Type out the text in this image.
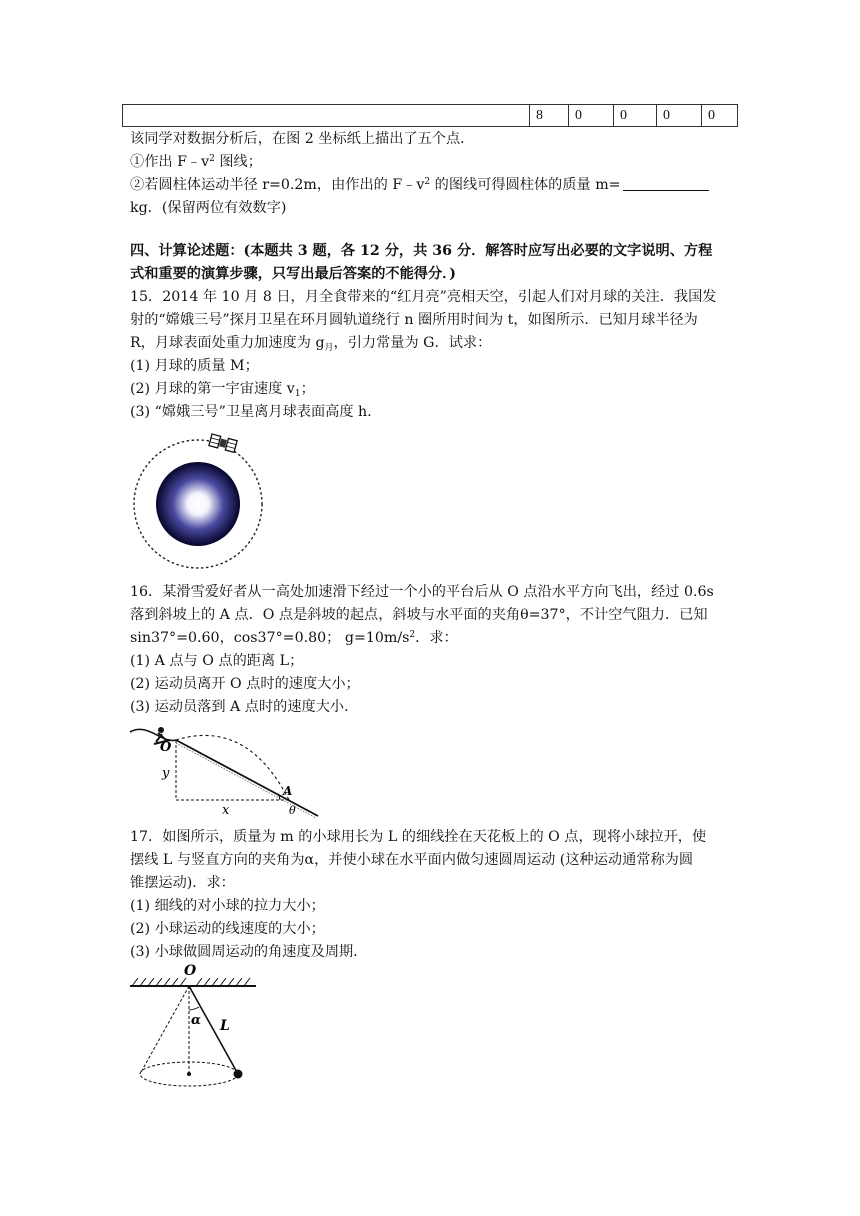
	8	0	0	0	0
该同学对数据分析后，在图 2 坐标纸上描出了五个点．
①作出 $F﹣v^2$ 图线；
②若圆柱体运动半径 r=0.2m，由作出的 $F﹣v^2$ 的图线可得圆柱体的质量 m=
kg．(保留两位有效数字)
四、计算论述题：(本题共 3 题，各 12 分，共 36 分．解答时应写出必要的文字说明、方程
式和重要的演算步骤，只写出最后答案的不能得分．)
15．2014 年 10 月 8 日，月全食带来的“红月亮”亮相天空，引起人们对月球的关注．我国发
射的“嫦娥三号”探月卫星在环月圆轨道绕行 n 圈所用时间为 t，如图所示．已知月球半径为
R，月球表面处重力加速度为 $g_月$，引力常量为 G．试求：
(1) 月球的质量 M；
(2) 月球的第一宇宙速度 $v_1$；
(3) “嫦娥三号”卫星离月球表面高度 h．
16．某滑雪爱好者从一高处加速滑下经过一个小的平台后从 O 点沿水平方向飞出，经过 0.6s
落到斜坡上的 A 点．O 点是斜坡的起点，斜坡与水平面的夹角θ=37°，不计空气阻力．已知
sin37°=0.60，cos37°=0.80； $g=10m/s^2$．求：
(1) A 点与 O 点的距离 L；
(2) 运动员离开 O 点时的速度大小；
(3) 运动员落到 A 点时的速度大小．
O
y
A
x	θ
17．如图所示，质量为 m 的小球用长为 L 的细线拴在天花板上的 O 点，现将小球拉开，使
摆线 L 与竖直方向的夹角为α，并使小球在水平面内做匀速圆周运动 (这种运动通常称为圆
锥摆运动)．求：
(1) 细线的对小球的拉力大小；
(2) 小球运动的线速度的大小；
(3) 小球做圆周运动的角速度及周期．
O
α L
